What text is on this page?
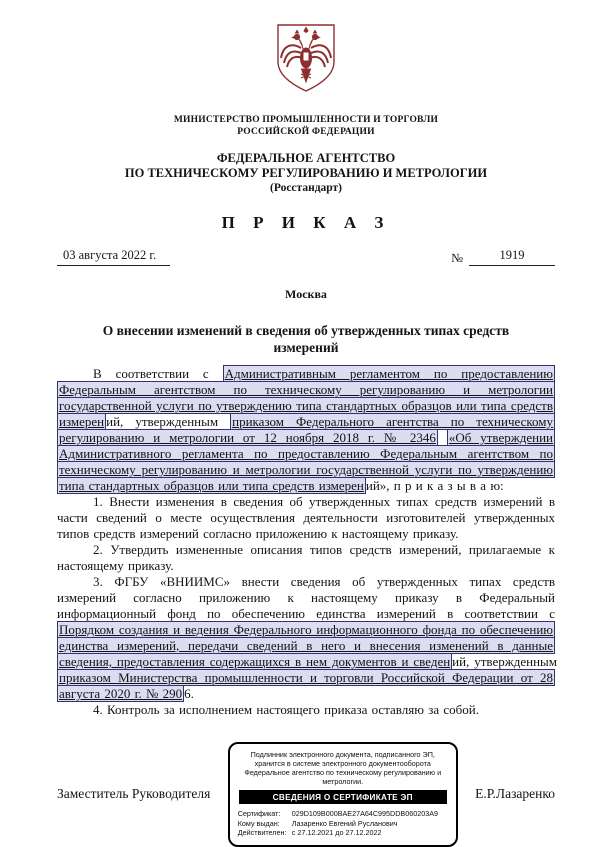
МИНИСТЕРСТВО ПРОМЫШЛЕННОСТИ И ТОРГОВЛИ
РОССИЙСКОЙ ФЕДЕРАЦИИ
ФЕДЕРАЛЬНОЕ АГЕНТСТВО
ПО ТЕХНИЧЕСКОМУ РЕГУЛИРОВАНИЮ И МЕТРОЛОГИИ
(Росстандарт)
П Р И К А З
03 августа 2022 г.	№	1919
Москва
О внесении изменений в сведения об утвержденных типах средств измерений

В соответствии с Административным регламентом по предоставлению Федеральным агентством по техническому регулированию и метрологии государственной услуги по утверждению типа стандартных образцов или типа средств измерен ий, утвержденным приказом Федерального агентства по техническому регулированию и метрологии от 12 ноября 2018 г. № 2346 «Об утверждении Административного регламента по предоставлению Федеральным агентством по техническому регулированию и метрологии государственной услуги по утверждению типа стандартных образцов или типа средств измерен ий», п р и к а з ы в а ю:

1. Внести изменения в сведения об утвержденных типах средств измерений в части сведений о месте осуществления деятельности изготовителей утвержденных типов средств измерений согласно приложению к настоящему приказу.

2. Утвердить измененные описания типов средств измерений, прилагаемые к настоящему приказу.

3. ФГБУ «ВНИИМС» внести сведения об утвержденных типах средств измерений согласно приложению к настоящему приказу в Федеральный информационный фонд по обеспечению единства измерений в соответствии с Порядком создания и ведения Федерального информационного фонда по обеспечению единства измерений, передачи сведений в него и внесения изменений в данные сведения, предоставления содержащихся в нем документов и сведен ий, утвержденным приказом Министерства промышленности и торговли Российской Федерации от 28 августа 2020 г. № 290 6.

4. Контроль за исполнением настоящего приказа оставляю за собой.

Заместитель Руководителя
Подлинник электронного документа, подписанного ЭП, хранится в системе электронного документооборота Федеральное агентство по техническому регулированию и метрологии.
СВЕДЕНИЯ О СЕРТИФИКАТЕ ЭП
Сертификат: 029D109B000BAE27A64C995DDB060203A9
Кому выдан: Лазаренко Евгений Русланович
Действителен: с 27.12.2021 до 27.12.2022
Е.Р.Лазаренко
